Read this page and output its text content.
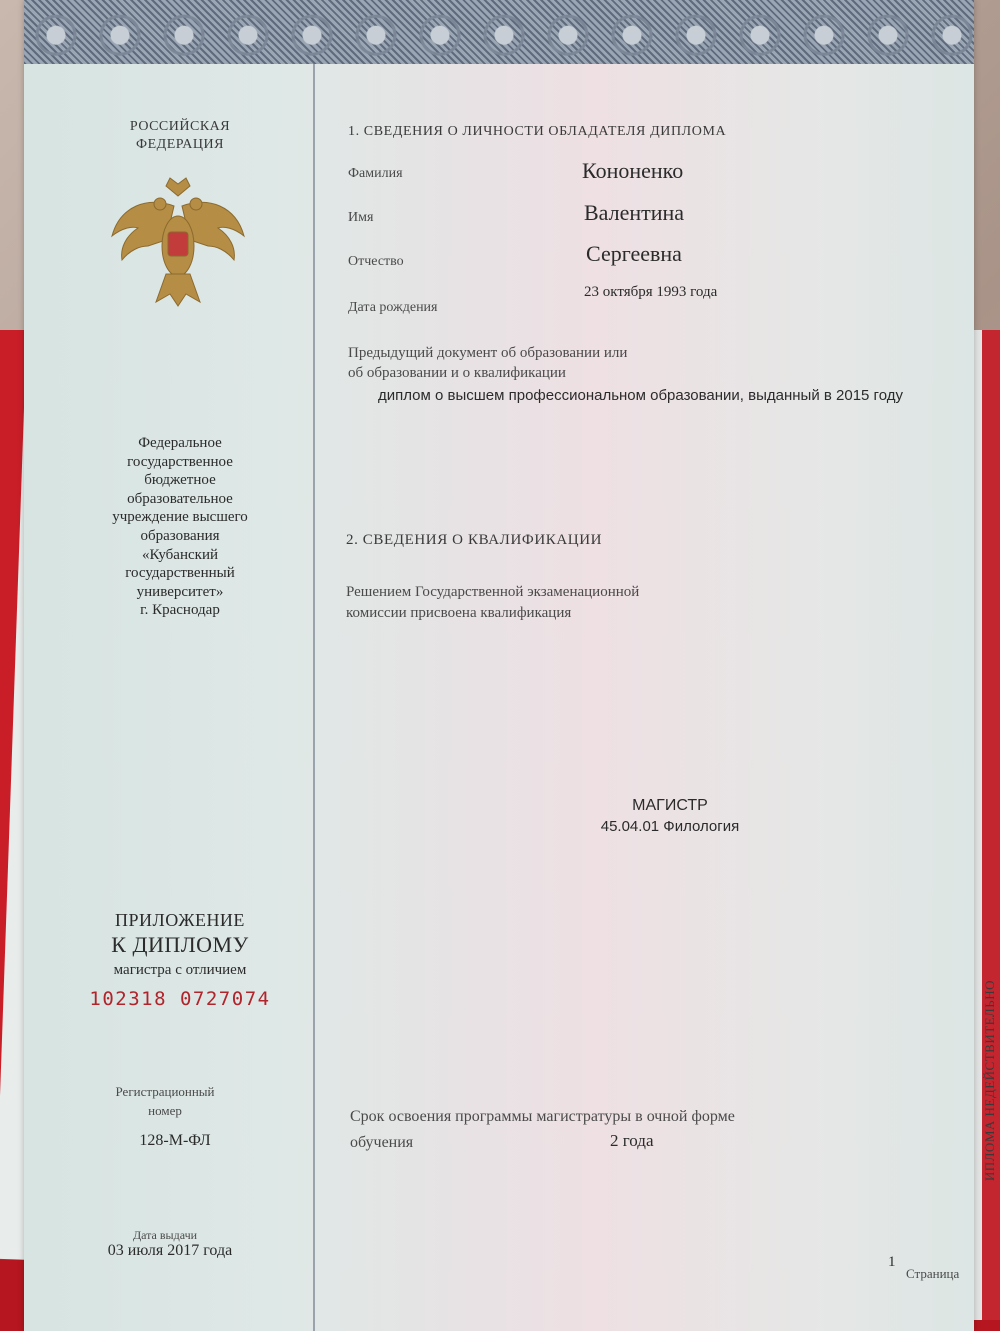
РОССИЙСКАЯ ФЕДЕРАЦИЯ
Федеральное
государственное
бюджетное
образовательное
учреждение высшего
образования
«Кубанский
государственный
университет»
г. Краснодар
ПРИЛОЖЕНИЕ
К ДИПЛОМУ
магистра с отличием
102318 0727074
Регистрационный номер
128-М-ФЛ
Дата выдачи
03 июля 2017 года
1. СВЕДЕНИЯ О ЛИЧНОСТИ ОБЛАДАТЕЛЯ ДИПЛОМА
Фамилия	Кононенко
Имя	Валентина
Отчество	Сергеевна
Дата рождения
23 октября 1993 года
Предыдущий документ об образовании или
об образовании и о квалификации
диплом о высшем профессиональном образовании, выданный в 2015 году
2. СВЕДЕНИЯ О КВАЛИФИКАЦИИ
Решением Государственной экзаменационной
комиссии присвоена квалификация
МАГИСТР
45.04.01 Филология
Срок освоения программы магистратуры в очной форме
обучения	2 года
1
Страница
ИПЛОМА НЕДЕЙСТВИТЕЛЬНО
